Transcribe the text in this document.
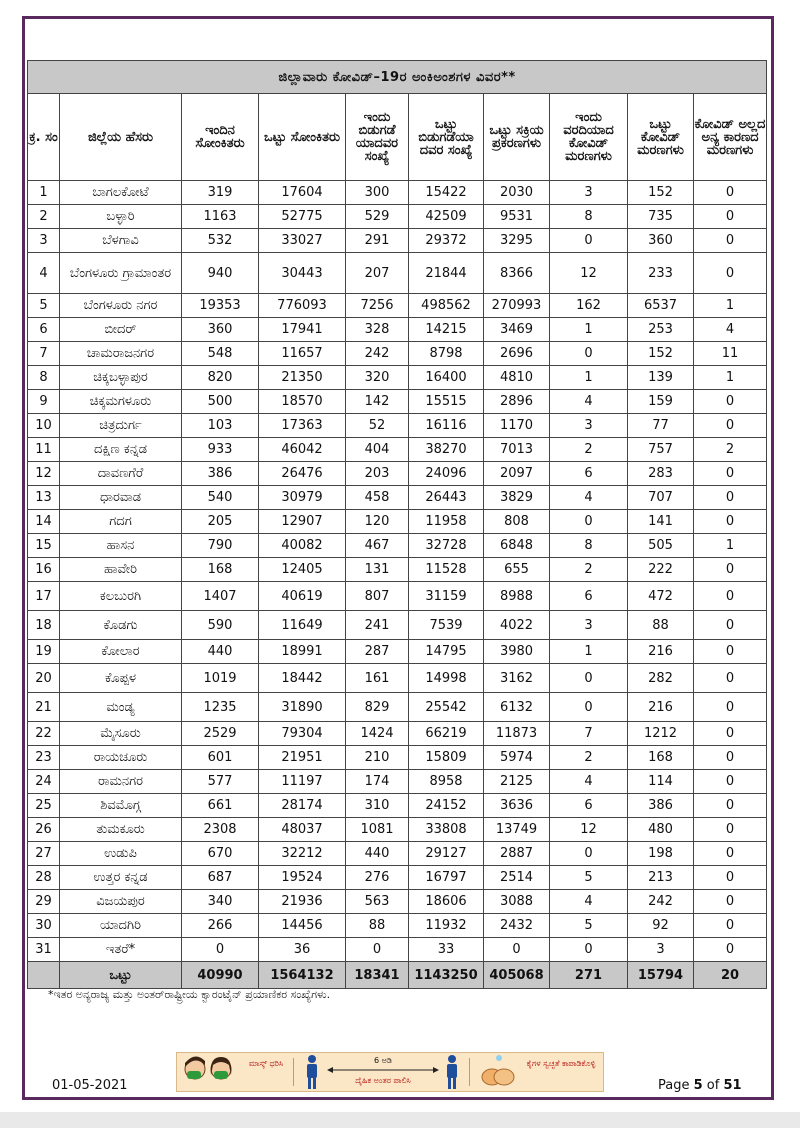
ಜಿಲ್ಲಾವಾರು ಕೋವಿಡ್–19ರ ಅಂಕಿಅಂಶಗಳ ವಿವರ**									
ಕ್ರ. ಸಂ	ಜಿಲ್ಲೆಯ ಹೆಸರು	ಇಂದಿನ ಸೋಂಕಿತರು	ಒಟ್ಟು ಸೋಂಕಿತರು	ಇಂದು ಬಿಡುಗಡೆ ಯಾದವರ ಸಂಖ್ಯೆ	ಒಟ್ಟು ಬಿಡುಗಡೆಯಾ ದವರ ಸಂಖ್ಯೆ	ಒಟ್ಟು ಸಕ್ರಿಯ ಪ್ರಕರಣಗಳು	ಇಂದು ವರದಿಯಾದ ಕೋವಿಡ್ ಮರಣಗಳು	ಒಟ್ಟು ಕೋವಿಡ್ ಮರಣಗಳು	ಕೋವಿಡ್ ಅಲ್ಲದ ಅನ್ಯ ಕಾರಣದ ಮರಣಗಳು
1	ಬಾಗಲಕೋಟೆ	319	17604	300	15422	2030	3	152	0
2	ಬಳ್ಳಾರಿ	1163	52775	529	42509	9531	8	735	0
3	ಬೆಳಗಾವಿ	532	33027	291	29372	3295	0	360	0
4	ಬೆಂಗಳೂರು ಗ್ರಾಮಾಂತರ	940	30443	207	21844	8366	12	233	0
5	ಬೆಂಗಳೂರು ನಗರ	19353	776093	7256	498562	270993	162	6537	1
6	ಬೀದರ್	360	17941	328	14215	3469	1	253	4
7	ಚಾಮರಾಜನಗರ	548	11657	242	8798	2696	0	152	11
8	ಚಿಕ್ಕಬಳ್ಳಾಪುರ	820	21350	320	16400	4810	1	139	1
9	ಚಿಕ್ಕಮಗಳೂರು	500	18570	142	15515	2896	4	159	0
10	ಚಿತ್ರದುರ್ಗ	103	17363	52	16116	1170	3	77	0
11	ದಕ್ಷಿಣ ಕನ್ನಡ	933	46042	404	38270	7013	2	757	2
12	ದಾವಣಗೆರೆ	386	26476	203	24096	2097	6	283	0
13	ಧಾರವಾಡ	540	30979	458	26443	3829	4	707	0
14	ಗದಗ	205	12907	120	11958	808	0	141	0
15	ಹಾಸನ	790	40082	467	32728	6848	8	505	1
16	ಹಾವೇರಿ	168	12405	131	11528	655	2	222	0
17	ಕಲಬುರಗಿ	1407	40619	807	31159	8988	6	472	0
18	ಕೊಡಗು	590	11649	241	7539	4022	3	88	0
19	ಕೋಲಾರ	440	18991	287	14795	3980	1	216	0
20	ಕೊಪ್ಪಳ	1019	18442	161	14998	3162	0	282	0
21	ಮಂಡ್ಯ	1235	31890	829	25542	6132	0	216	0
22	ಮೈಸೂರು	2529	79304	1424	66219	11873	7	1212	0
23	ರಾಯಚೂರು	601	21951	210	15809	5974	2	168	0
24	ರಾಮನಗರ	577	11197	174	8958	2125	4	114	0
25	ಶಿವಮೊಗ್ಗ	661	28174	310	24152	3636	6	386	0
26	ತುಮಕೂರು	2308	48037	1081	33808	13749	12	480	0
27	ಉಡುಪಿ	670	32212	440	29127	2887	0	198	0
28	ಉತ್ತರ ಕನ್ನಡ	687	19524	276	16797	2514	5	213	0
29	ವಿಜಯಪುರ	340	21936	563	18606	3088	4	242	0
30	ಯಾದಗಿರಿ	266	14456	88	11932	2432	5	92	0
31	ಇತರೆ*	0	36	0	33	0	0	3	0
	ಒಟ್ಟು	40990	1564132	18341	1143250	405068	271	15794	20
*ಇತರ ಅನ್ಯರಾಜ್ಯ ಮತ್ತು ಅಂತರ್‌ರಾಷ್ಟ್ರೀಯ ಕ್ವಾರಂಟೈನ್ ಪ್ರಯಾಣಿಕರ ಸಂಖ್ಯೆಗಳು.
ಮಾಸ್ಕ್ ಧರಿಸಿ	6 ಅಡಿ
ದೈಹಿಕ ಅಂತರ ಪಾಲಿಸಿ
ಕೈಗಳ ಸ್ವಚ್ಛತೆ ಕಾಪಾಡಿಕೊಳ್ಳಿ
01-05-2021	Page 5 of 51
